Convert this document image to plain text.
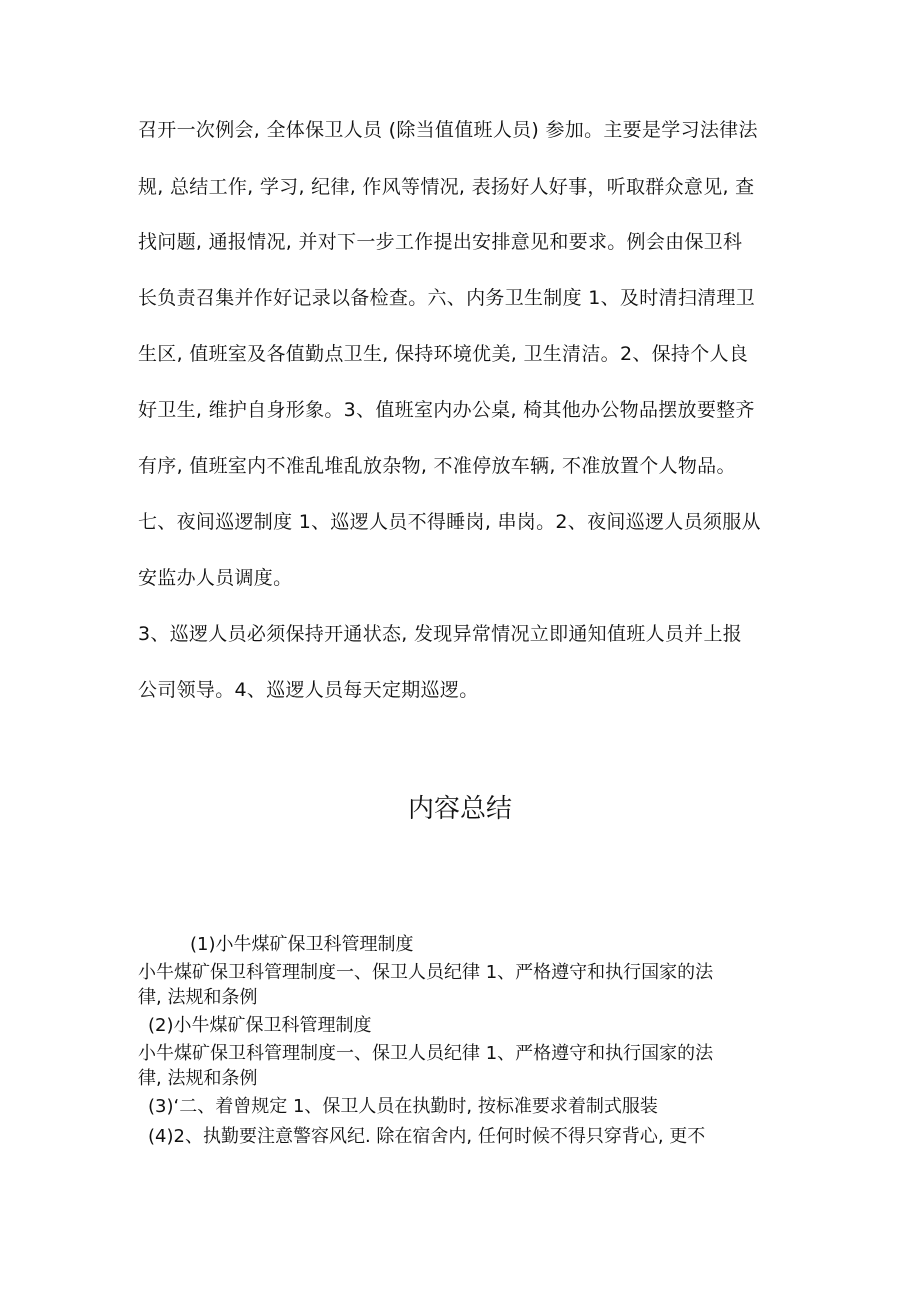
召开一次例会, 全体保卫人员 (除当值值班人员) 参加。主要是学习法律法
规, 总结工作, 学习, 纪律, 作风等情况, 表扬好人好事，听取群众意见, 查
找问题, 通报情况, 并对下一步工作提出安排意见和要求。例会由保卫科
长负责召集并作好记录以备检查。六、内务卫生制度 1、及时清扫清理卫
生区, 值班室及各值勤点卫生, 保持环境优美, 卫生清洁。2、保持个人良
好卫生, 维护自身形象。3、值班室内办公桌, 椅其他办公物品摆放要整齐
有序, 值班室内不准乱堆乱放杂物, 不准停放车辆, 不准放置个人物品。
七、夜间巡逻制度 1、巡逻人员不得睡岗, 串岗。2、夜间巡逻人员须服从
安监办人员调度。
3、巡逻人员必须保持开通状态, 发现异常情况立即通知值班人员并上报
公司领导。4、巡逻人员每天定期巡逻。
内容总结
(1)小牛煤矿保卫科管理制度
小牛煤矿保卫科管理制度一、保卫人员纪律 1、严格遵守和执行国家的法
律, 法规和条例
(2)小牛煤矿保卫科管理制度
小牛煤矿保卫科管理制度一、保卫人员纪律 1、严格遵守和执行国家的法
律, 法规和条例
(3)‘二、着曾规定 1、保卫人员在执勤时, 按标准要求着制式服装
(4)2、执勤要注意警容风纪. 除在宿舍内, 任何时候不得只穿背心, 更不
